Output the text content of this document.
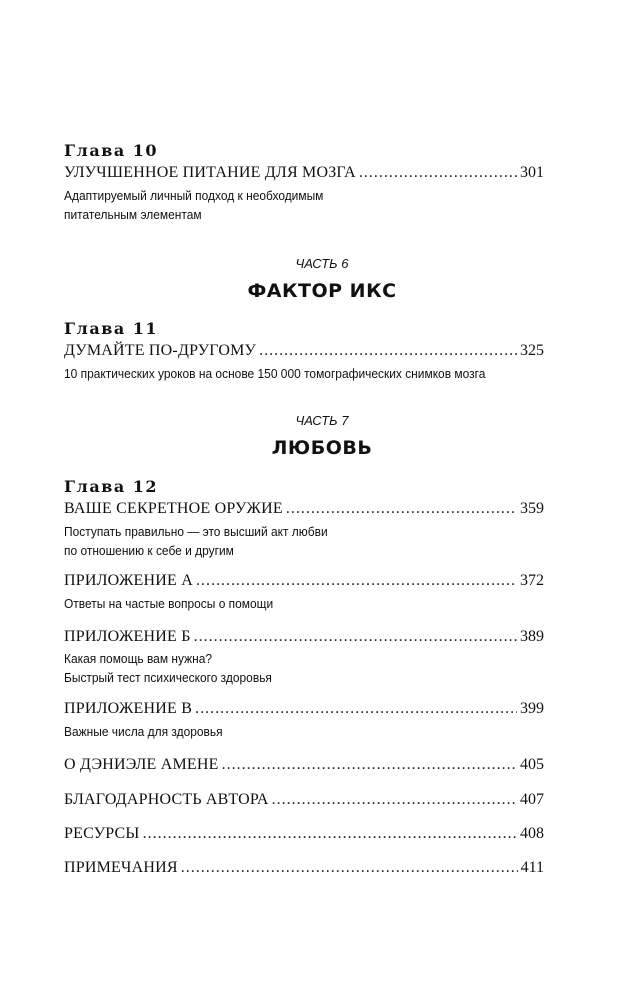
Глава 10
УЛУЧШЕННОЕ ПИТАНИЕ ДЛЯ МОЗГА .....	301
Адаптируемый личный подход к необходимым
питательным элементам
ЧАСТЬ 6
ФАКТОР ИКС
Глава 11
ДУМАЙТЕ ПО-ДРУГОМУ .....	325
10 практических уроков на основе 150 000 томографических снимков мозга
ЧАСТЬ 7
ЛЮБОВЬ
Глава 12
ВАШЕ СЕКРЕТНОЕ ОРУЖИЕ .....	359
Поступать правильно — это высший акт любви
по отношению к себе и другим
ПРИЛОЖЕНИЕ А .....	372
Ответы на частые вопросы о помощи
ПРИЛОЖЕНИЕ Б .....	389
Какая помощь вам нужна?
Быстрый тест психического здоровья
ПРИЛОЖЕНИЕ В .....	399
Важные числа для здоровья
О ДЭНИЭЛЕ АМЕНЕ .....	405
БЛАГОДАРНОСТЬ АВТОРА .....	407
РЕСУРСЫ .....	408
ПРИМЕЧАНИЯ .....	411
